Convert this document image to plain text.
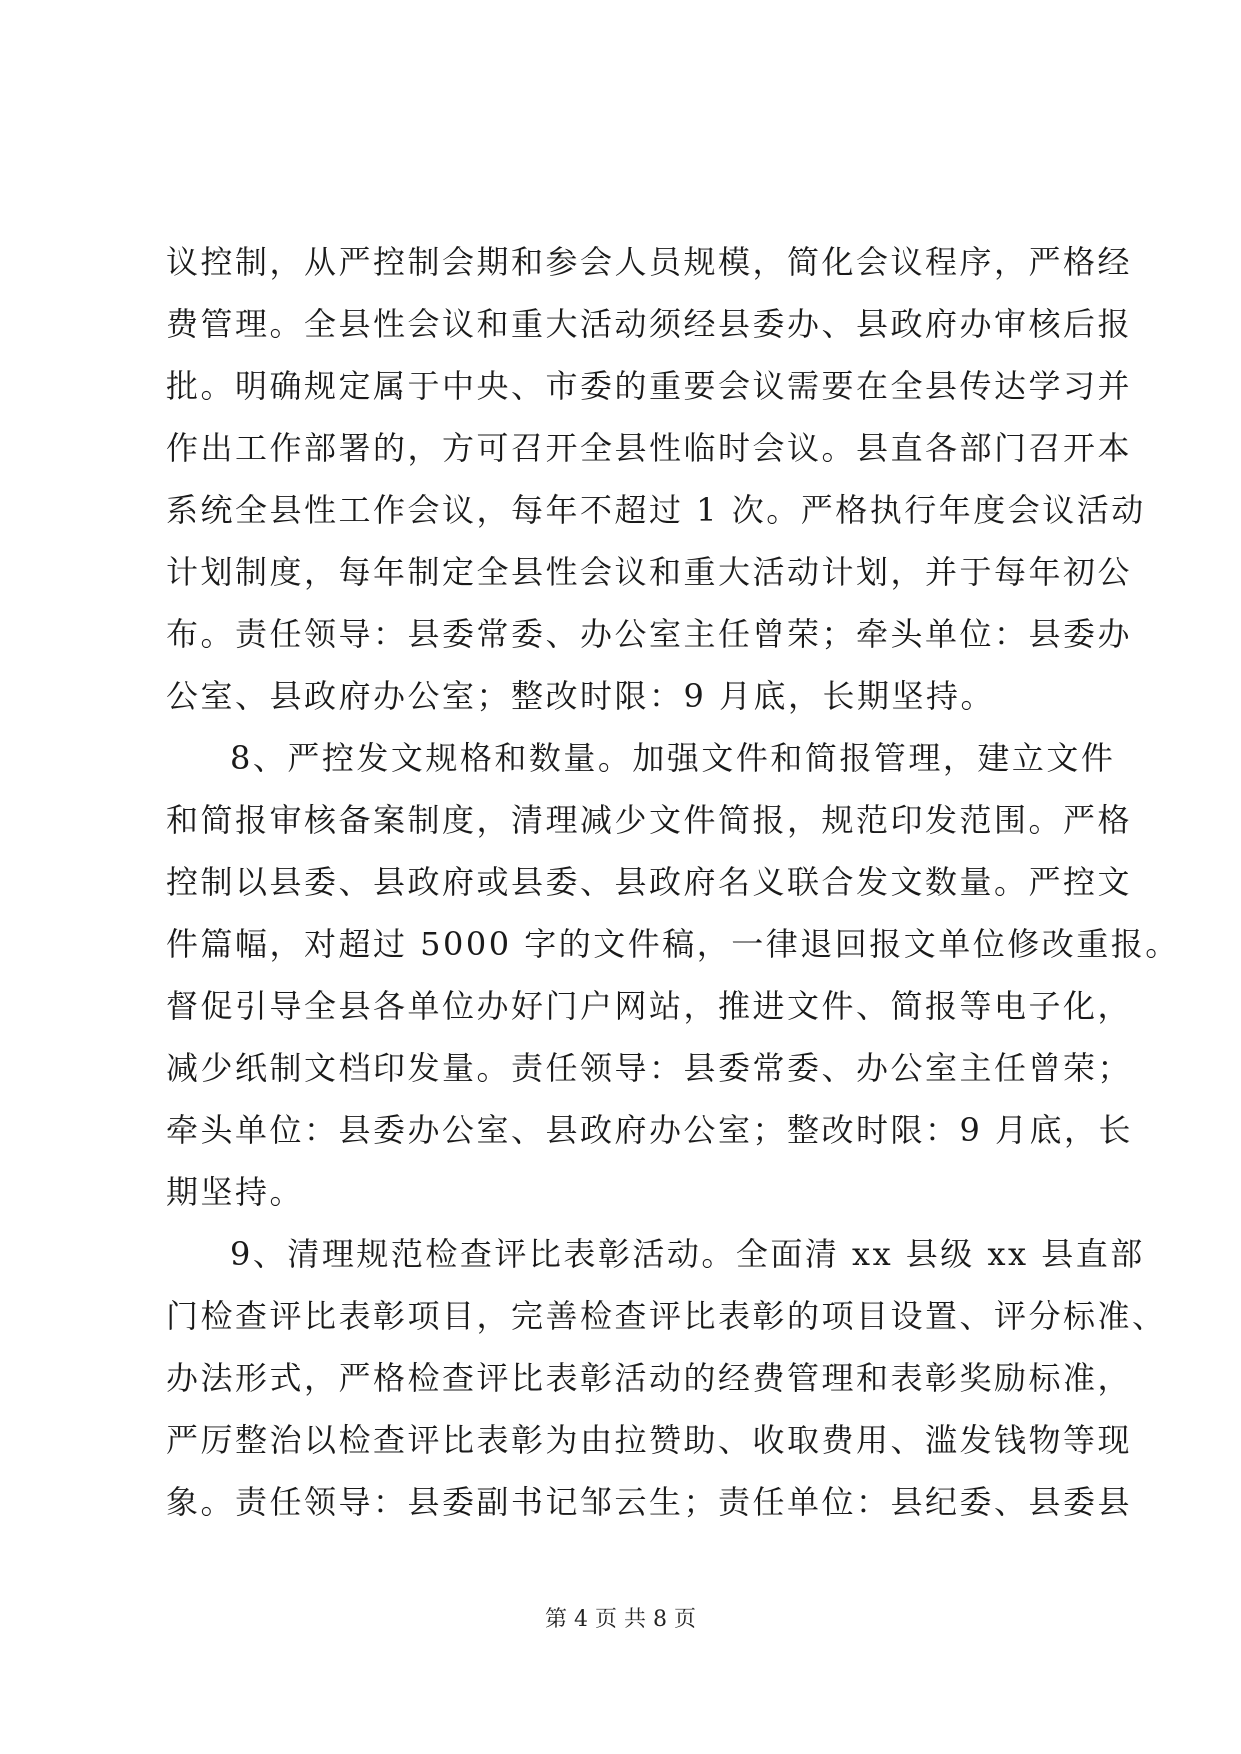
议控制，从严控制会期和参会人员规模，简化会议程序，严格经
费管理。全县性会议和重大活动须经县委办、县政府办审核后报
批。明确规定属于中央、市委的重要会议需要在全县传达学习并
作出工作部署的，方可召开全县性临时会议。县直各部门召开本
系统全县性工作会议，每年不超过 1 次。严格执行年度会议活动
计划制度，每年制定全县性会议和重大活动计划，并于每年初公
布。责任领导：县委常委、办公室主任曾荣；牵头单位：县委办
公室、县政府办公室；整改时限：9 月底，长期坚持。
8、严控发文规格和数量。加强文件和简报管理，建立文件
和简报审核备案制度，清理减少文件简报，规范印发范围。严格
控制以县委、县政府或县委、县政府名义联合发文数量。严控文
件篇幅，对超过 5000 字的文件稿，一律退回报文单位修改重报。
督促引导全县各单位办好门户网站，推进文件、简报等电子化，
减少纸制文档印发量。责任领导：县委常委、办公室主任曾荣；
牵头单位：县委办公室、县政府办公室；整改时限：9 月底，长
期坚持。
9、清理规范检查评比表彰活动。全面清 xx 县级 xx 县直部
门检查评比表彰项目，完善检查评比表彰的项目设置、评分标准、
办法形式，严格检查评比表彰活动的经费管理和表彰奖励标准，
严厉整治以检查评比表彰为由拉赞助、收取费用、滥发钱物等现
象。责任领导：县委副书记邹云生；责任单位：县纪委、县委县
第 4 页 共 8 页
